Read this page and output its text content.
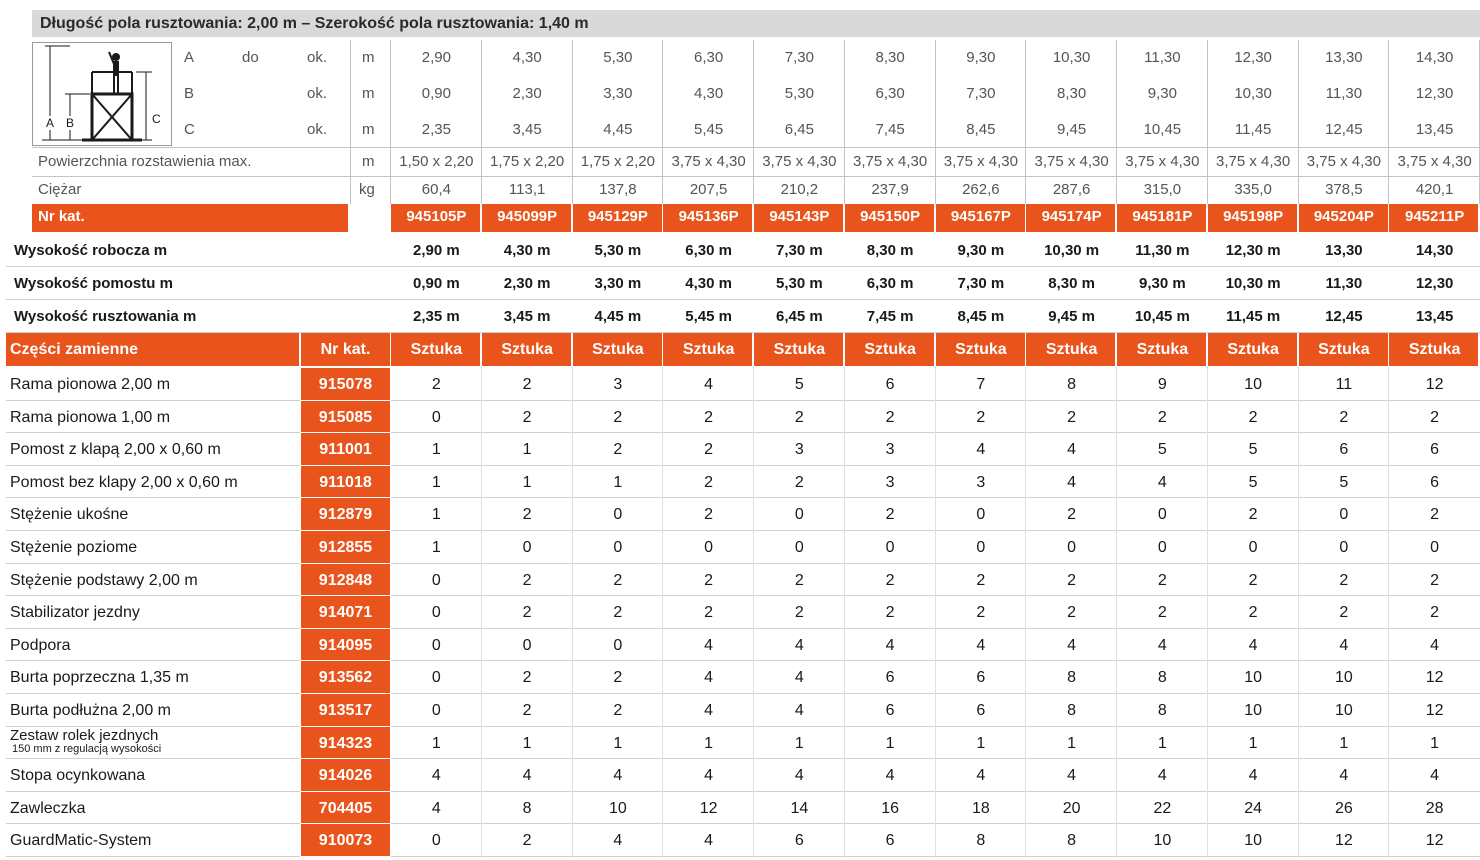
Długość pola rusztowania: 2,00 m – Szerokość pola rusztowania: 1,40 m
A B	C
A	do	ok. m	2,90	4,30	5,30	6,30	7,30	8,30	9,30	10,30	11,30	12,30	13,30	14,30
B	ok. m	0,90	2,30	3,30	4,30	5,30	6,30	7,30	8,30	9,30	10,30	11,30	12,30
C	ok. m	2,35	3,45	4,45	5,45	6,45	7,45	8,45	9,45	10,45	11,45	12,45	13,45
Powierzchnia rozstawienia max.	m	1,50 x 2,20	1,75 x 2,20	1,75 x 2,20	3,75 x 4,30	3,75 x 4,30	3,75 x 4,30	3,75 x 4,30	3,75 x 4,30	3,75 x 4,30	3,75 x 4,30	3,75 x 4,30	3,75 x 4,30
Ciężar	kg	60,4	113,1	137,8	207,5	210,2	237,9	262,6	287,6	315,0	335,0	378,5	420,1
Nr kat.	945105P	945099P	945129P	945136P	945143P	945150P	945167P	945174P	945181P	945198P	945204P	945211P
Wysokość robocza m	2,90 m	4,30 m	5,30 m	6,30 m	7,30 m	8,30 m	9,30 m	10,30 m	11,30 m	12,30 m	13,30	14,30
Wysokość pomostu m	0,90 m	2,30 m	3,30 m	4,30 m	5,30 m	6,30 m	7,30 m	8,30 m	9,30 m	10,30 m	11,30	12,30
Wysokość rusztowania m	2,35 m	3,45 m	4,45 m	5,45 m	6,45 m	7,45 m	8,45 m	9,45 m	10,45 m	11,45 m	12,45	13,45
Części zamienne	Nr kat.	Sztuka	Sztuka	Sztuka	Sztuka	Sztuka	Sztuka	Sztuka	Sztuka	Sztuka	Sztuka	Sztuka	Sztuka
Rama pionowa 2,00 m	915078	2	2	3	4	5	6	7	8	9	10	11	12
Rama pionowa 1,00 m	915085	0	2	2	2	2	2	2	2	2	2	2	2
Pomost z klapą 2,00 x 0,60 m	911001	1	1	2	2	3	3	4	4	5	5	6	6
Pomost bez klapy 2,00 x 0,60 m	911018	1	1	1	2	2	3	3	4	4	5	5	6
Stężenie ukośne	912879	1	2	0	2	0	2	0	2	0	2	0	2
Stężenie poziome	912855	1	0	0	0	0	0	0	0	0	0	0	0
Stężenie podstawy 2,00 m	912848	0	2	2	2	2	2	2	2	2	2	2	2
Stabilizator jezdny	914071	0	2	2	2	2	2	2	2	2	2	2	2
Podpora	914095	0	0	0	4	4	4	4	4	4	4	4	4
Burta poprzeczna 1,35 m	913562	0	2	2	4	4	6	6	8	8	10	10	12
Burta podłużna 2,00 m	913517	0	2	2	4	4	6	6	8	8	10	10	12
Zestaw rolek jezdnych
150 mm z regulacją wysokości	914323	1	1	1	1	1	1	1	1	1	1	1	1
Stopa ocynkowana	914026	4	4	4	4	4	4	4	4	4	4	4	4
Zawleczka	704405	4	8	10	12	14	16	18	20	22	24	26	28
GuardMatic-System	910073	0	2	4	4	6	6	8	8	10	10	12	12
